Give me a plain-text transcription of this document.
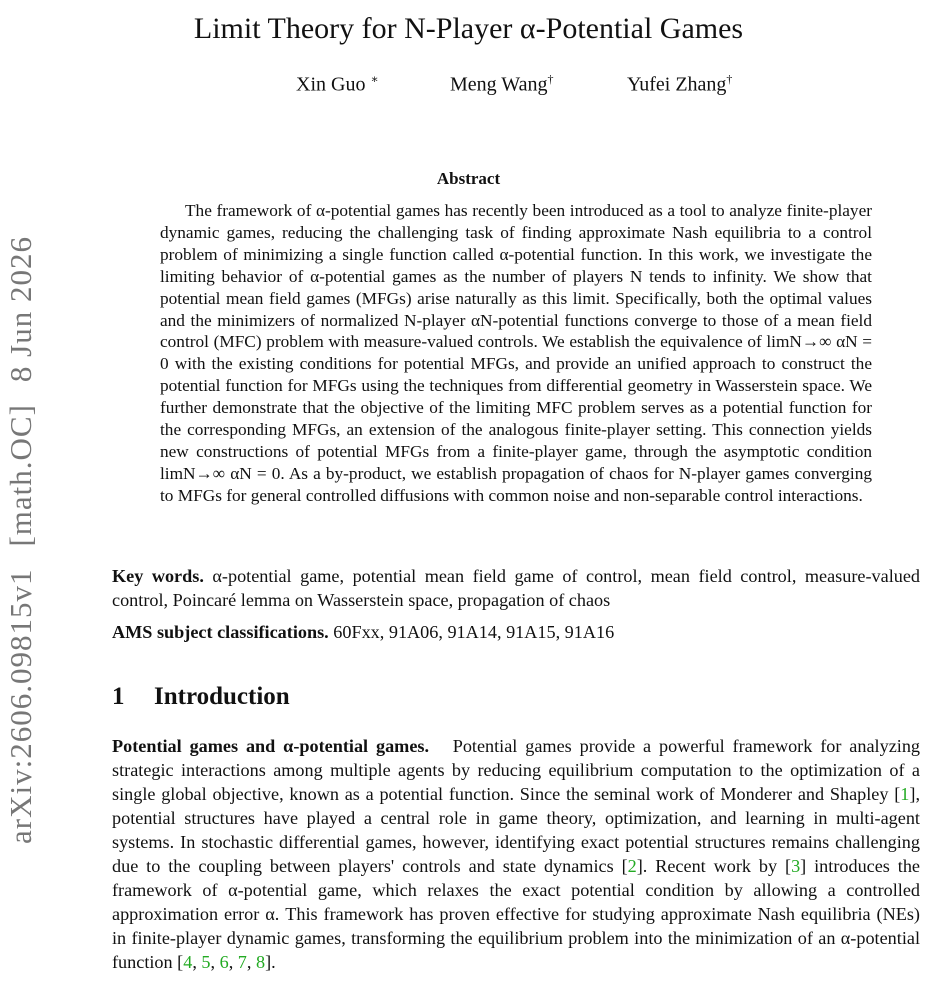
arXiv:2606.09815v1[math.OC]8 Jun 2026
Limit Theory for N-Player α-Potential Games
Xin Guo ∗	Meng Wang†	Yufei Zhang†
Abstract
The framework of α-potential games has recently been introduced as a tool to analyze finite-player dynamic games, reducing the challenging task of finding approximate Nash equilibria to a control problem of minimizing a single function called α-potential function. In this work, we investigate the limiting behavior of α-potential games as the number of players N tends to infinity. We show that potential mean field games (MFGs) arise naturally as this limit. Specifically, both the optimal values and the minimizers of normalized N-player αN-potential functions converge to those of a mean field control (MFC) problem with measure-valued controls. We establish the equivalence of limN→∞ αN = 0 with the existing conditions for potential MFGs, and provide an unified approach to construct the potential function for MFGs using the techniques from differential geometry in Wasserstein space. We further demonstrate that the objective of the limiting MFC problem serves as a potential function for the corresponding MFGs, an extension of the analogous finite-player setting. This connection yields new constructions of potential MFGs from a finite-player game, through the asymptotic condition limN→∞ αN = 0. As a by-product, we establish propagation of chaos for N-player games converging to MFGs for general controlled diffusions with common noise and non-separable control interactions.
Key words. α-potential game, potential mean field game of control, mean field control, measure-valued control, Poincaré lemma on Wasserstein space, propagation of chaos
AMS subject classifications. 60Fxx, 91A06, 91A14, 91A15, 91A16
1 Introduction
Potential games and α-potential games. Potential games provide a powerful framework for analyzing strategic interactions among multiple agents by reducing equilibrium computation to the optimization of a single global objective, known as a potential function. Since the seminal work of Monderer and Shapley [1], potential structures have played a central role in game theory, optimization, and learning in multi-agent systems. In stochastic differential games, however, identifying exact potential structures remains challenging due to the coupling between players' controls and state dynamics [2]. Recent work by [3] introduces the framework of α-potential game, which relaxes the exact potential condition by allowing a controlled approximation error α. This framework has proven effective for studying approximate Nash equilibria (NEs) in finite-player dynamic games, transforming the equilibrium problem into the minimization of an α-potential function [4, 5, 6, 7, 8].
